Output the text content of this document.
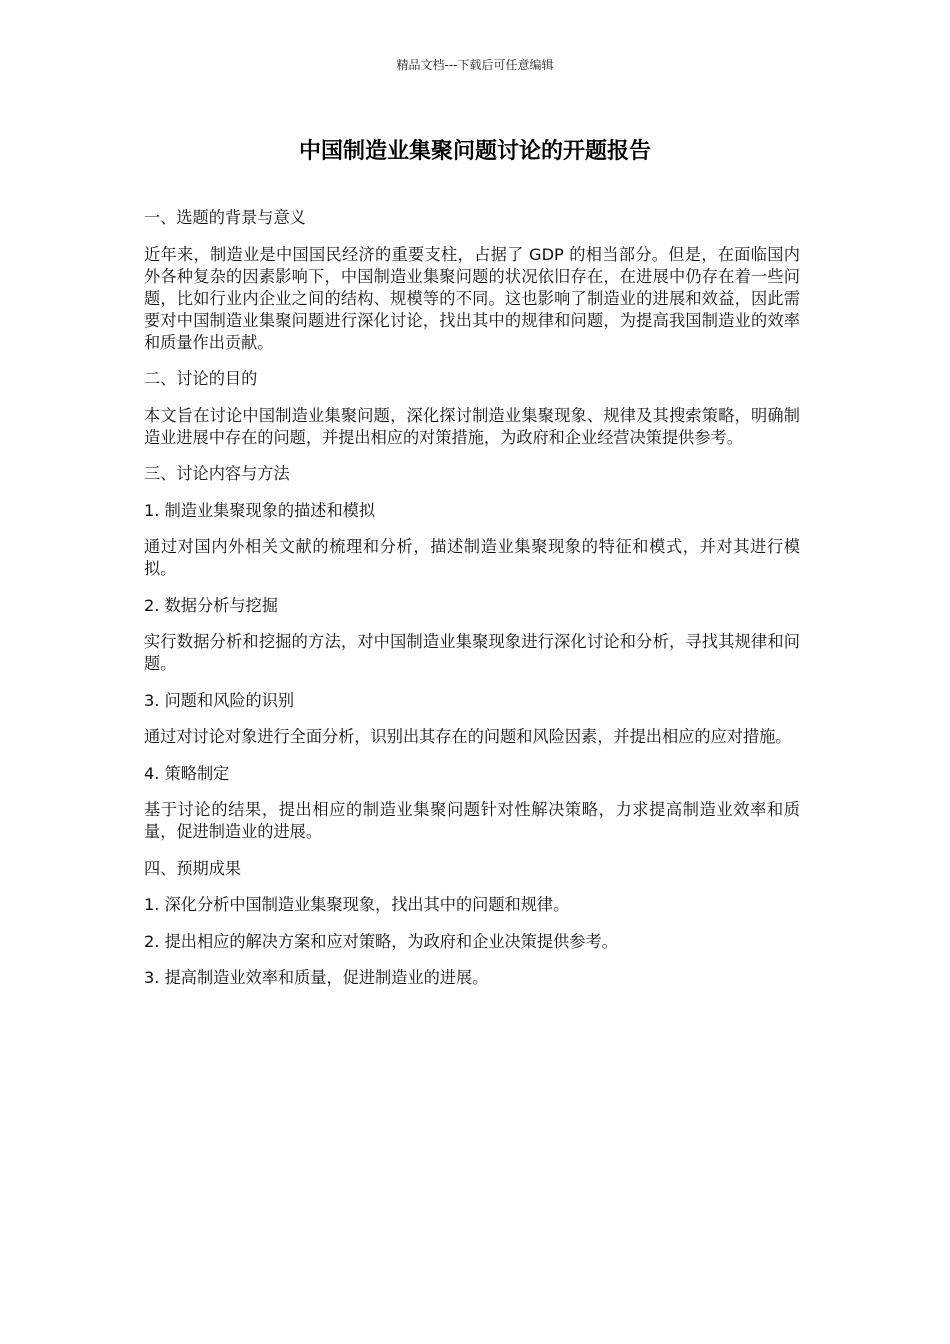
精品文档---下载后可任意编辑
中国制造业集聚问题讨论的开题报告

一、选题的背景与意义

近年来，制造业是中国国民经济的重要支柱，占据了 GDP 的相当部分。但是，在面临国内外各种复杂的因素影响下，中国制造业集聚问题的状况依旧存在，在进展中仍存在着一些问题，比如行业内企业之间的结构、规模等的不同。这也影响了制造业的进展和效益，因此需要对中国制造业集聚问题进行深化讨论，找出其中的规律和问题，为提高我国制造业的效率和质量作出贡献。

二、讨论的目的

本文旨在讨论中国制造业集聚问题，深化探讨制造业集聚现象、规律及其搜索策略，明确制造业进展中存在的问题，并提出相应的对策措施，为政府和企业经营决策提供参考。

三、讨论内容与方法

1. 制造业集聚现象的描述和模拟

通过对国内外相关文献的梳理和分析，描述制造业集聚现象的特征和模式，并对其进行模拟。

2. 数据分析与挖掘

实行数据分析和挖掘的方法，对中国制造业集聚现象进行深化讨论和分析，寻找其规律和问题。

3. 问题和风险的识别

通过对讨论对象进行全面分析，识别出其存在的问题和风险因素，并提出相应的应对措施。

4. 策略制定

基于讨论的结果，提出相应的制造业集聚问题针对性解决策略，力求提高制造业效率和质量，促进制造业的进展。

四、预期成果

1. 深化分析中国制造业集聚现象，找出其中的问题和规律。

2. 提出相应的解决方案和应对策略，为政府和企业决策提供参考。

3. 提高制造业效率和质量，促进制造业的进展。
